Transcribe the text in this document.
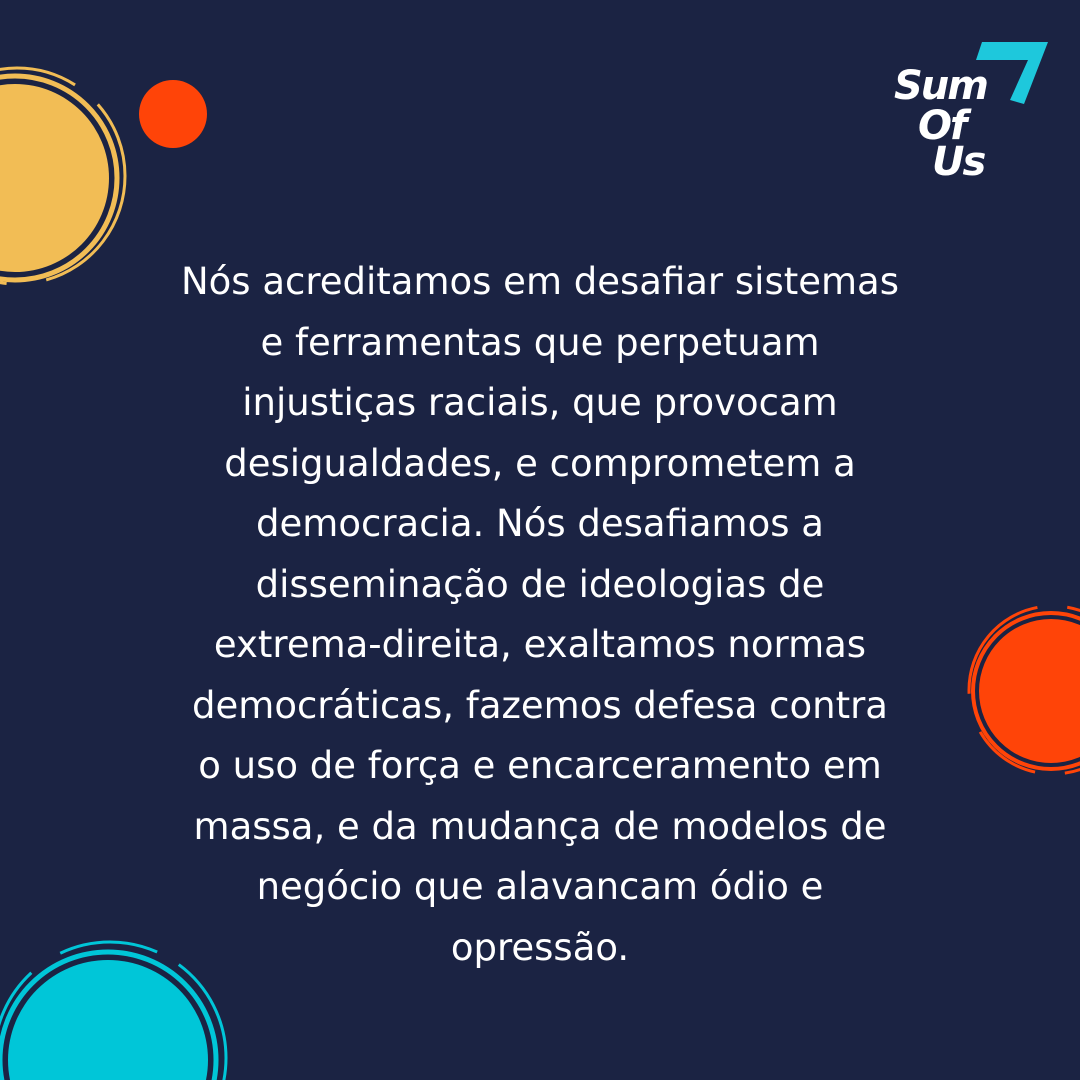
Sum
Of
Us

Nós acreditamos em desafiar sistemas
e ferramentas que perpetuam
injustiças raciais, que provocam
desigualdades, e comprometem a
democracia. Nós desafiamos a
disseminação de ideologias de
extrema-direita, exaltamos normas
democráticas, fazemos defesa contra
o uso de força e encarceramento em
massa, e da mudança de modelos de
negócio que alavancam ódio e
opressão.
